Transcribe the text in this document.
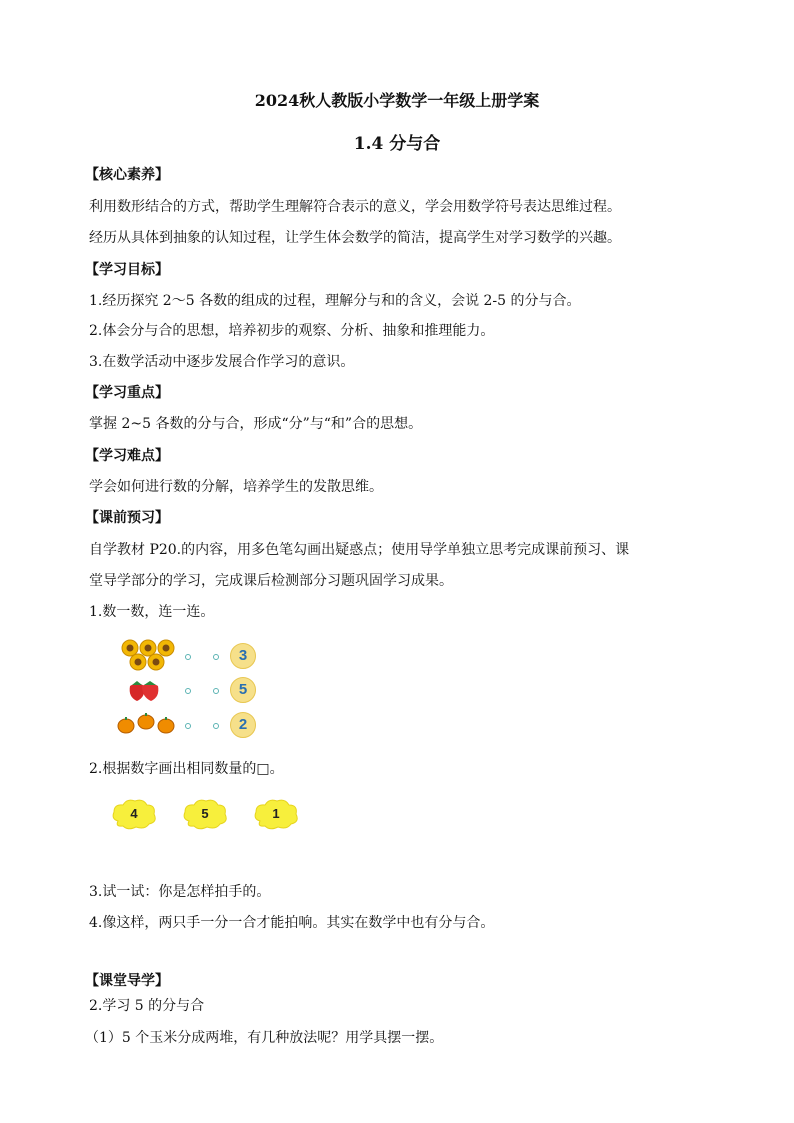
2024秋人教版小学数学一年级上册学案
1.4 分与合
【核心素养】
利用数形结合的方式，帮助学生理解符合表示的意义，学会用数学符号表达思维过程。
经历从具体到抽象的认知过程，让学生体会数学的简洁，提高学生对学习数学的兴趣。
【学习目标】
1.经历探究 2～5 各数的组成的过程，理解分与和的含义，会说 2-5 的分与合。
2.体会分与合的思想，培养初步的观察、分析、抽象和推理能力。
3.在数学活动中逐步发展合作学习的意识。
【学习重点】
掌握 2~5 各数的分与合，形成“分”与“和”合的思想。
【学习难点】
学会如何进行数的分解，培养学生的发散思维。
【课前预习】
自学教材 P20.的内容，用多色笔勾画出疑惑点；使用导学单独立思考完成课前预习、课
堂导学部分的学习，完成课后检测部分习题巩固学习成果。
1.数一数，连一连。
3
5
2
2.根据数字画出相同数量的□。
4	5	1
3.试一试：你是怎样拍手的。
4.像这样，两只手一分一合才能拍响。其实在数学中也有分与合。
【课堂导学】
2.学习 5 的分与合
（1）5 个玉米分成两堆，有几种放法呢？用学具摆一摆。
